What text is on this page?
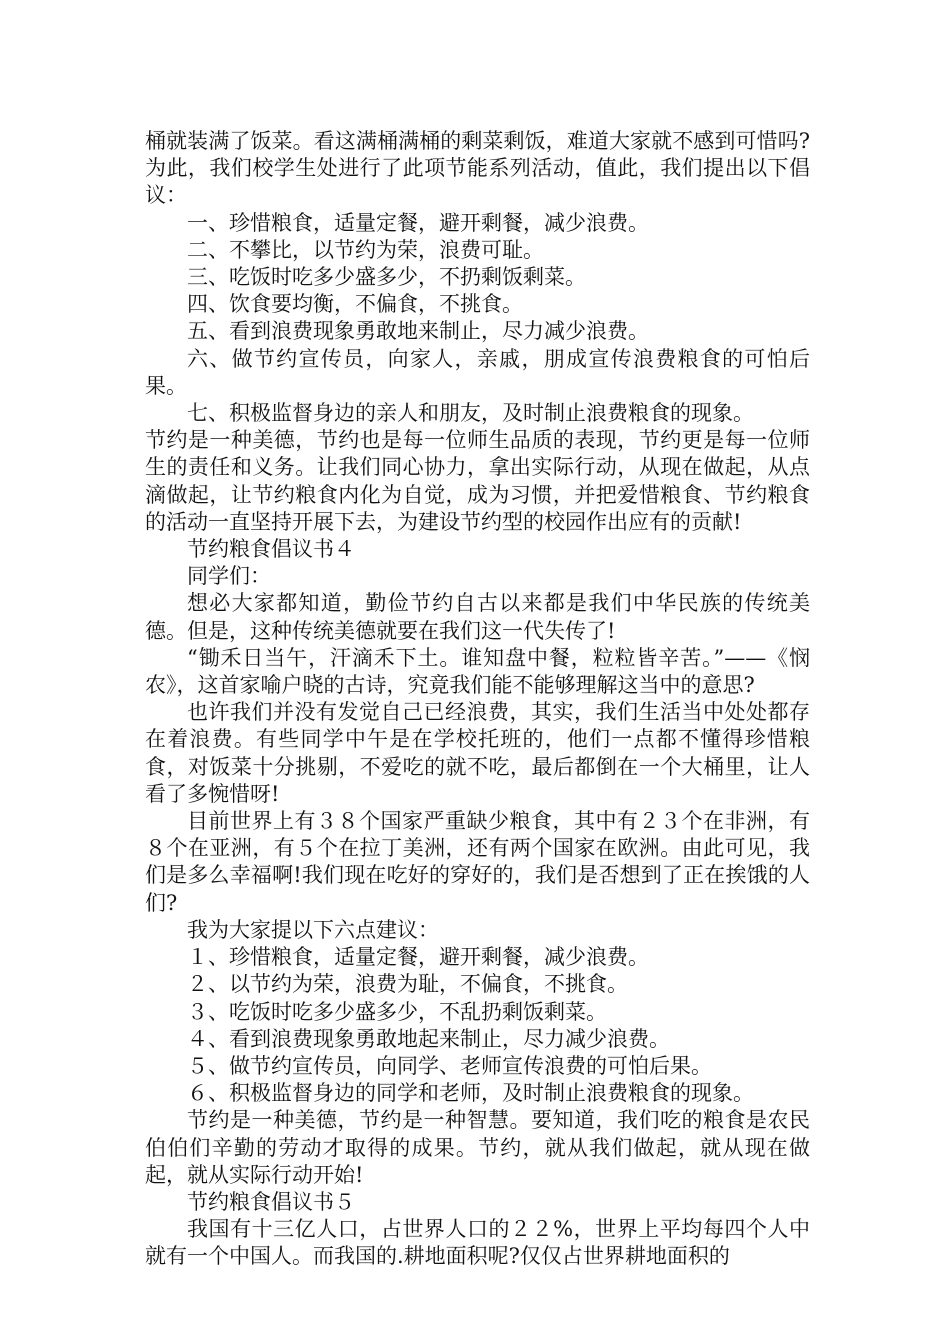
桶就装满了饭菜。看这满桶满桶的剩菜剩饭，难道大家就不感到可惜吗?为此，我们校学生处进行了此项节能系列活动，值此，我们提出以下倡议：

一、珍惜粮食，适量定餐，避开剩餐，减少浪费。

二、不攀比，以节约为荣，浪费可耻。

三、吃饭时吃多少盛多少，不扔剩饭剩菜。

四、饮食要均衡，不偏食，不挑食。

五、看到浪费现象勇敢地来制止，尽力减少浪费。

六、做节约宣传员，向家人，亲戚，朋成宣传浪费粮食的可怕后果。

七、积极监督身边的亲人和朋友，及时制止浪费粮食的现象。

节约是一种美德，节约也是每一位师生品质的表现，节约更是每一位师生的责任和义务。让我们同心协力，拿出实际行动，从现在做起，从点滴做起，让节约粮食内化为自觉，成为习惯，并把爱惜粮食、节约粮食的活动一直坚持开展下去，为建设节约型的校园作出应有的贡献!

节约粮食倡议书４

同学们：

想必大家都知道，勤俭节约自古以来都是我们中华民族的传统美德。但是，这种传统美德就要在我们这一代失传了!

“锄禾日当午，汗滴禾下土。谁知盘中餐，粒粒皆辛苦。”——《悯农》，这首家喻户晓的古诗，究竟我们能不能够理解这当中的意思?

也许我们并没有发觉自己已经浪费，其实，我们生活当中处处都存在着浪费。有些同学中午是在学校托班的，他们一点都不懂得珍惜粮食，对饭菜十分挑剔，不爱吃的就不吃，最后都倒在一个大桶里，让人看了多惋惜呀!

目前世界上有３８个国家严重缺少粮食，其中有２３个在非洲，有８个在亚洲，有５个在拉丁美洲，还有两个国家在欧洲。由此可见，我们是多么幸福啊!我们现在吃好的穿好的，我们是否想到了正在挨饿的人们?

我为大家提以下六点建议：

１、珍惜粮食，适量定餐，避开剩餐，减少浪费。

２、以节约为荣，浪费为耻，不偏食，不挑食。

３、吃饭时吃多少盛多少，不乱扔剩饭剩菜。

４、看到浪费现象勇敢地起来制止，尽力减少浪费。

５、做节约宣传员，向同学、老师宣传浪费的可怕后果。

６、积极监督身边的同学和老师，及时制止浪费粮食的现象。

节约是一种美德，节约是一种智慧。要知道，我们吃的粮食是农民伯伯们辛勤的劳动才取得的成果。节约，就从我们做起，就从现在做起，就从实际行动开始!

节约粮食倡议书５

我国有十三亿人口，占世界人口的２２%，世界上平均每四个人中就有一个中国人。而我国的.耕地面积呢?仅仅占世界耕地面积的
